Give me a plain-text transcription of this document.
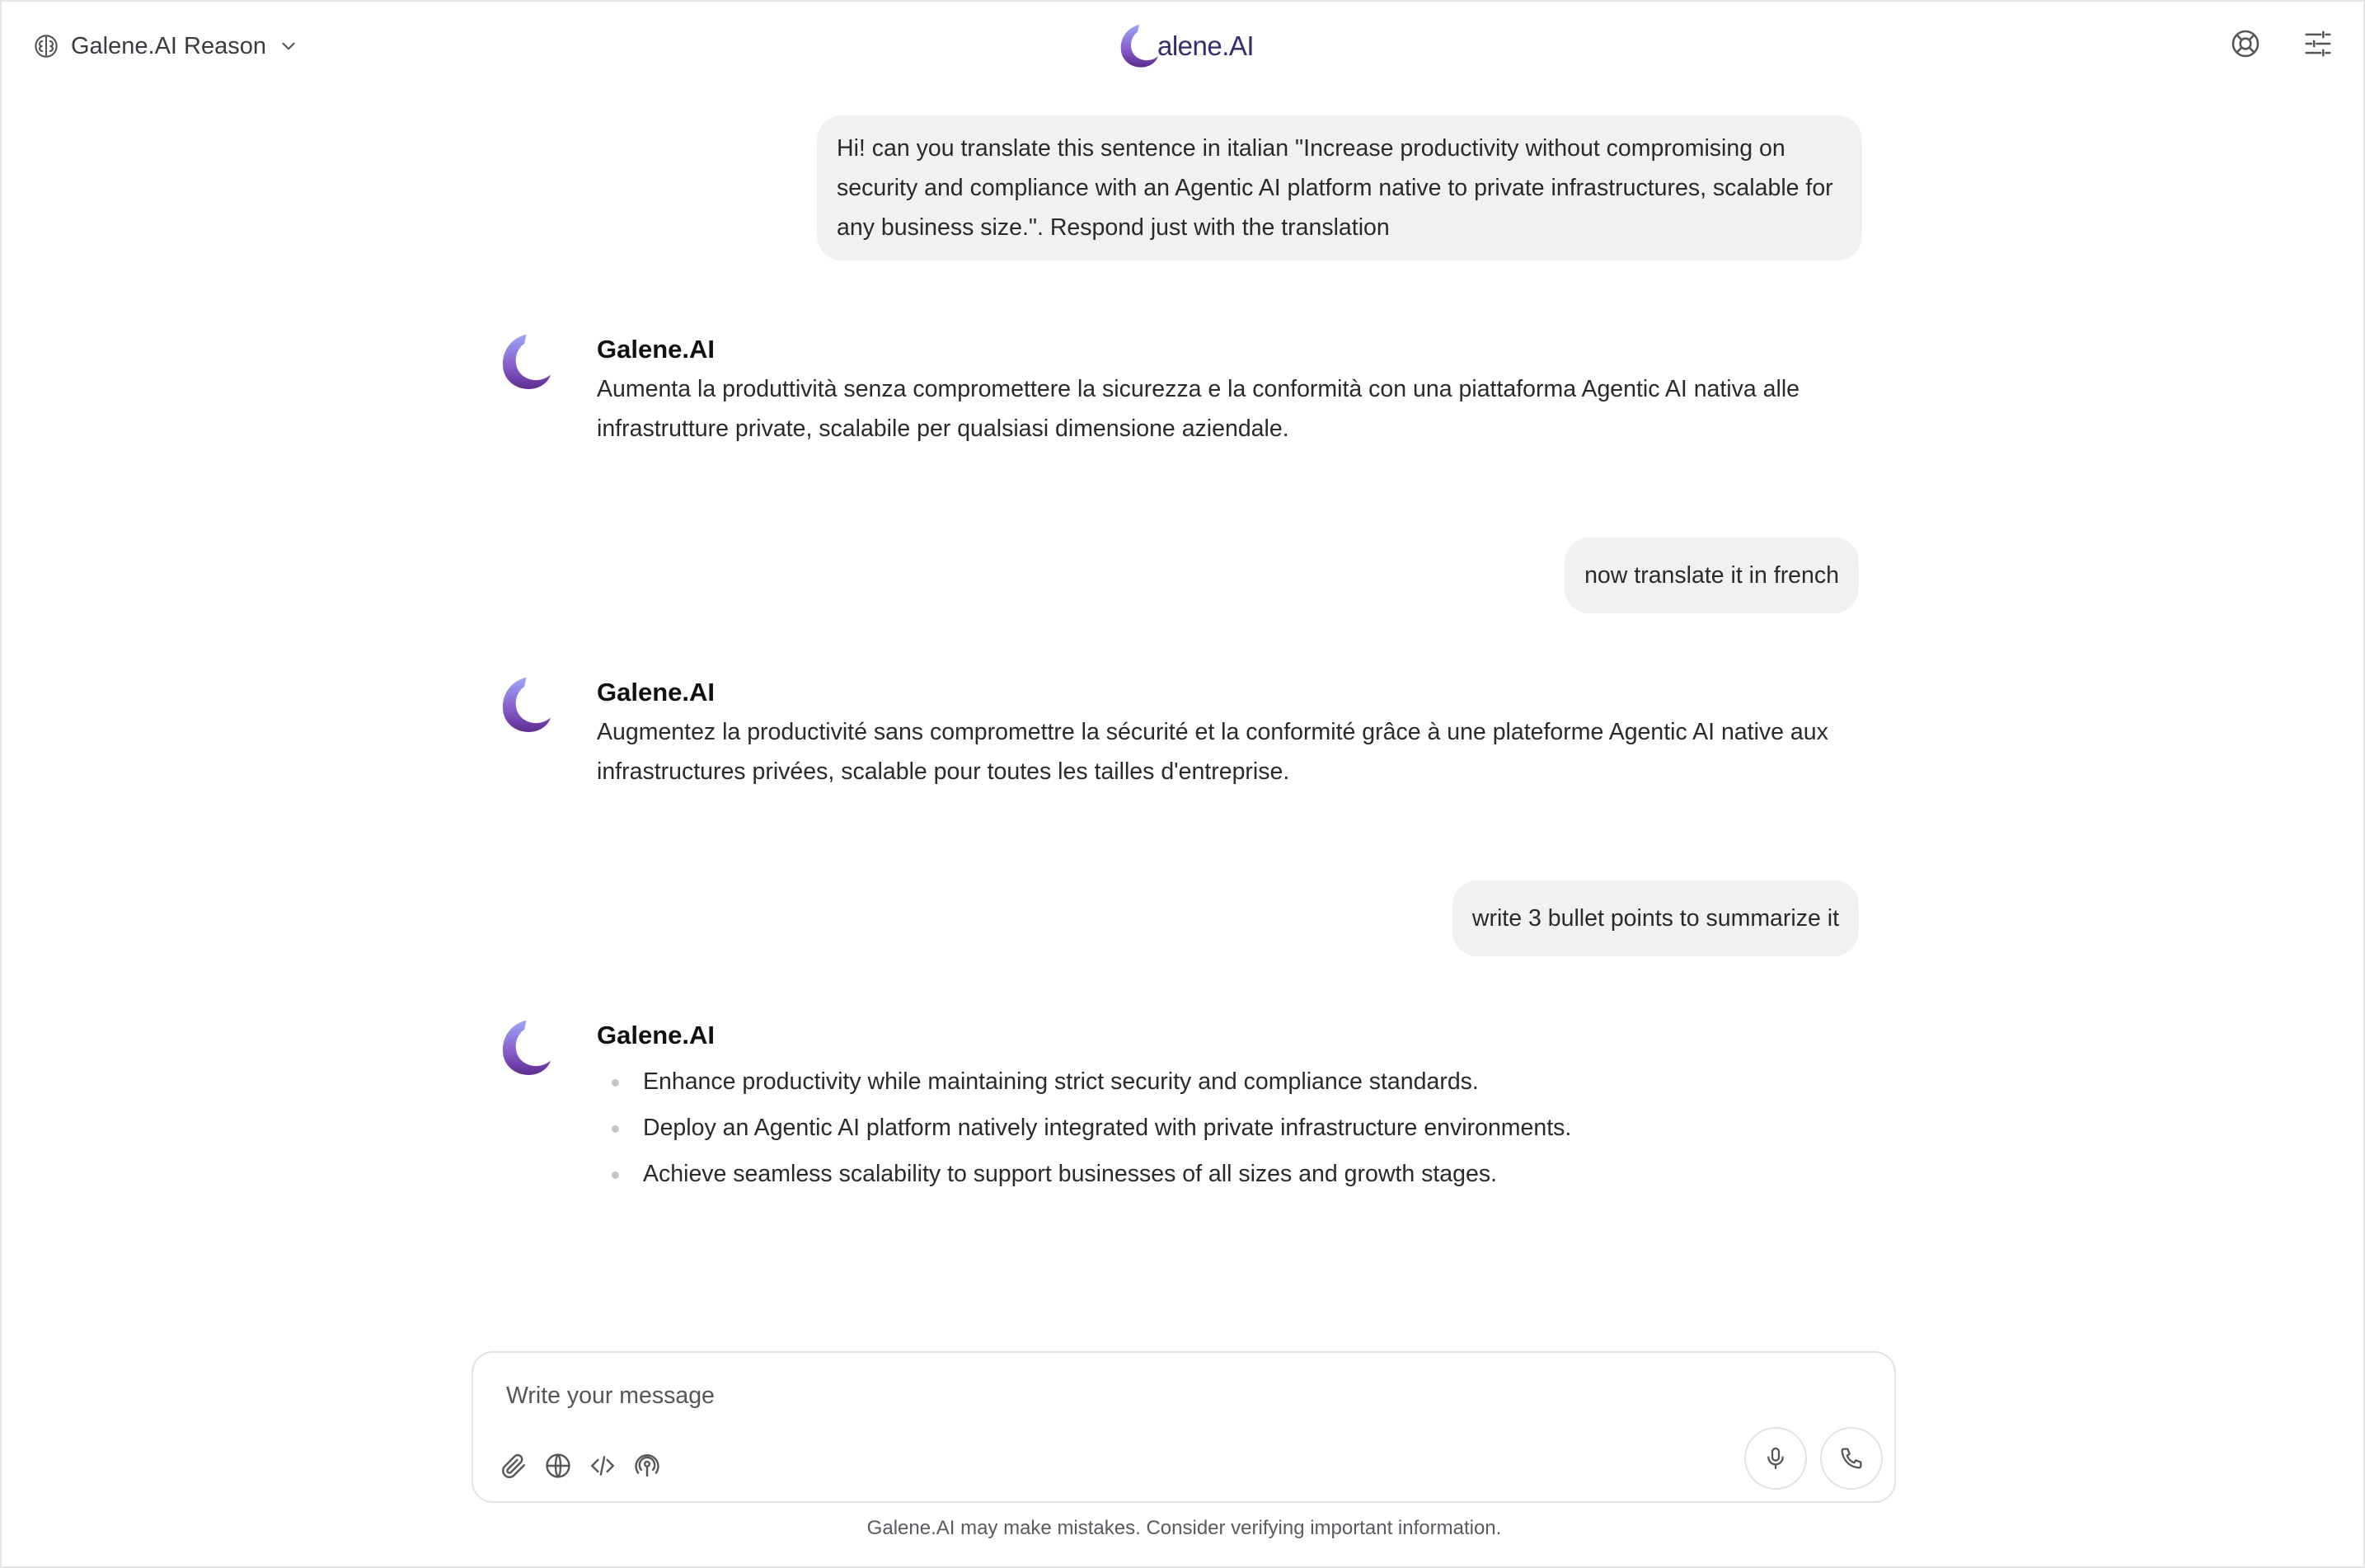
Galene.AI Reason	alene.AI
Hi! can you translate this sentence in italian "Increase productivity without compromising on security and compliance with an Agentic AI platform native to private infrastructures, scalable for any business size.". Respond just with the translation
Galene.AI
Aumenta la produttività senza compromettere la sicurezza e la conformità con una piattaforma Agentic AI nativa alle infrastrutture private, scalabile per qualsiasi dimensione aziendale.
now translate it in french
Galene.AI
Augmentez la productivité sans compromettre la sécurité et la conformité grâce à une plateforme Agentic AI native aux infrastructures privées, scalable pour toutes les tailles d'entreprise.
write 3 bullet points to summarize it
Galene.AI
Enhance productivity while maintaining strict security and compliance standards.
Deploy an Agentic AI platform natively integrated with private infrastructure environments.
Achieve seamless scalability to support businesses of all sizes and growth stages.
Write your message
Galene.AI may make mistakes. Consider verifying important information.
